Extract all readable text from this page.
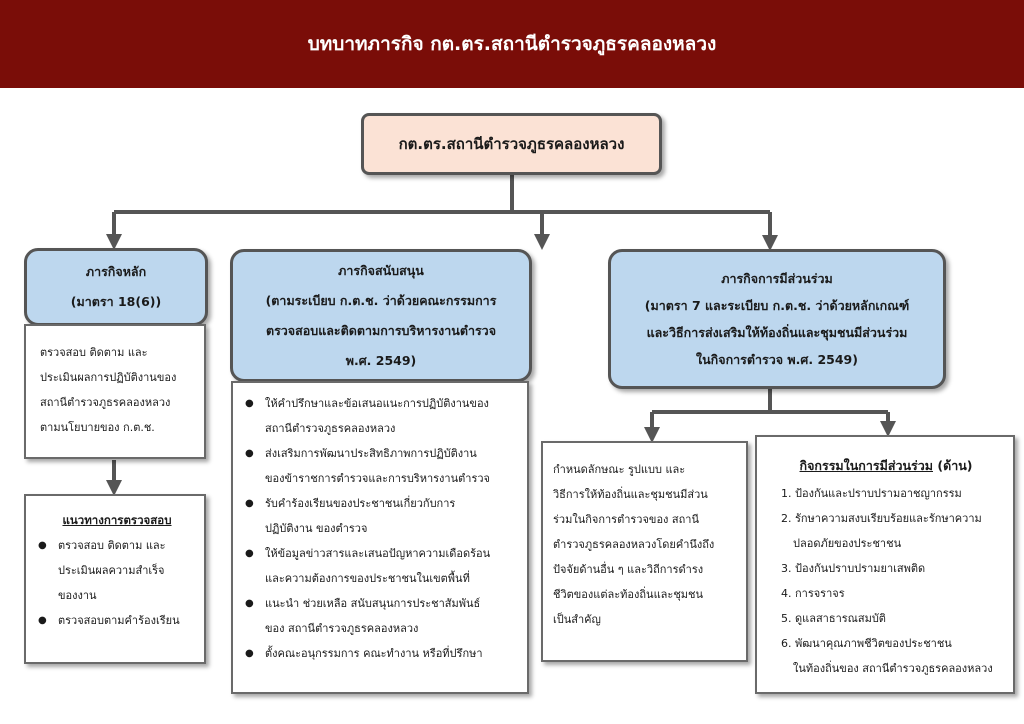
บทบาทภารกิจ กต.ตร.สถานีตำรวจภูธรคลองหลวง
กต.ตร.สถานีตำรวจภูธรคลองหลวง
ภารกิจหลัก
(มาตรา 18(6))
ตรวจสอบ ติดตาม และ
ประเมินผลการปฏิบัติงานของ
สถานีตำรวจภูธรคลองหลวง
ตามนโยบายของ ก.ต.ช.
แนวทางการตรวจสอบ
● ตรวจสอบ ติดตาม และ
ประเมินผลความสำเร็จ
ของงาน
● ตรวจสอบตามคำร้องเรียน
ภารกิจสนับสนุน
(ตามระเบียบ ก.ต.ช. ว่าด้วยคณะกรรมการ
ตรวจสอบและติดตามการบริหารงานตำรวจ
พ.ศ. 2549)
● ให้คำปรึกษาและข้อเสนอแนะการปฏิบัติงานของ
สถานีตำรวจภูธรคลองหลวง
● ส่งเสริมการพัฒนาประสิทธิภาพการปฏิบัติงาน
ของข้าราชการตำรวจและการบริหารงานตำรวจ
● รับคำร้องเรียนของประชาชนเกี่ยวกับการ
ปฏิบัติงาน ของตำรวจ
● ให้ข้อมูลข่าวสารและเสนอปัญหาความเดือดร้อน
และความต้องการของประชาชนในเขตพื้นที่
● แนะนำ ช่วยเหลือ สนับสนุนการประชาสัมพันธ์
ของ สถานีตำรวจภูธรคลองหลวง
● ตั้งคณะอนุกรรมการ คณะทำงาน หรือที่ปรึกษา
ภารกิจการมีส่วนร่วม
(มาตรา 7 และระเบียบ ก.ต.ช. ว่าด้วยหลักเกณฑ์
และวิธีการส่งเสริมให้ท้องถิ่นและชุมชนมีส่วนร่วม
ในกิจการตำรวจ พ.ศ. 2549)
กำหนดลักษณะ รูปแบบ และ
วิธีการให้ท้องถิ่นและชุมชนมีส่วน
ร่วมในกิจการตำรวจของ สถานี
ตำรวจภูธรคลองหลวงโดยคำนึงถึง
ปัจจัยด้านอื่น ๆ และวิถีการดำรง
ชีวิตของแต่ละท้องถิ่นและชุมชน
เป็นสำคัญ
กิจกรรมในการมีส่วนร่วม (ด้าน)
1. ป้องกันและปราบปรามอาชญากรรม
2. รักษาความสงบเรียบร้อยและรักษาความ
ปลอดภัยของประชาชน
3. ป้องกันปราบปรามยาเสพติด
4. การจราจร
5. ดูแลสาธารณสมบัติ
6. พัฒนาคุณภาพชีวิตของประชาชน
ในท้องถิ่นของ สถานีตำรวจภูธรคลองหลวง
